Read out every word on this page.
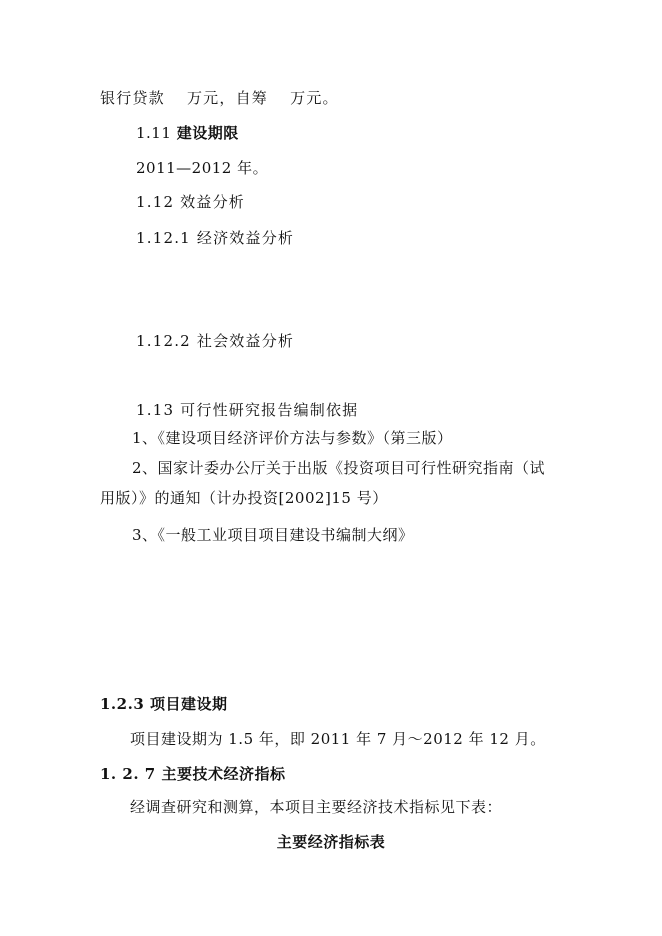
银行贷款　 万元，自筹　 万元。
1.11 建设期限
2011—2012 年。
1.12 效益分析
1.12.1 经济效益分析
1.12.2 社会效益分析
1.13 可行性研究报告编制依据
1、《建设项目经济评价方法与参数》（第三版）
2、国家计委办公厅关于出版《投资项目可行性研究指南（试
用版）》的通知（计办投资[2002]15 号）
3、《一般工业项目项目建设书编制大纲》
1.2.3 项目建设期
项目建设期为 1.5 年，即 2011 年 7 月～2012 年 12 月。
1. 2. 7 主要技术经济指标
经调查研究和测算，本项目主要经济技术指标见下表：
主要经济指标表
